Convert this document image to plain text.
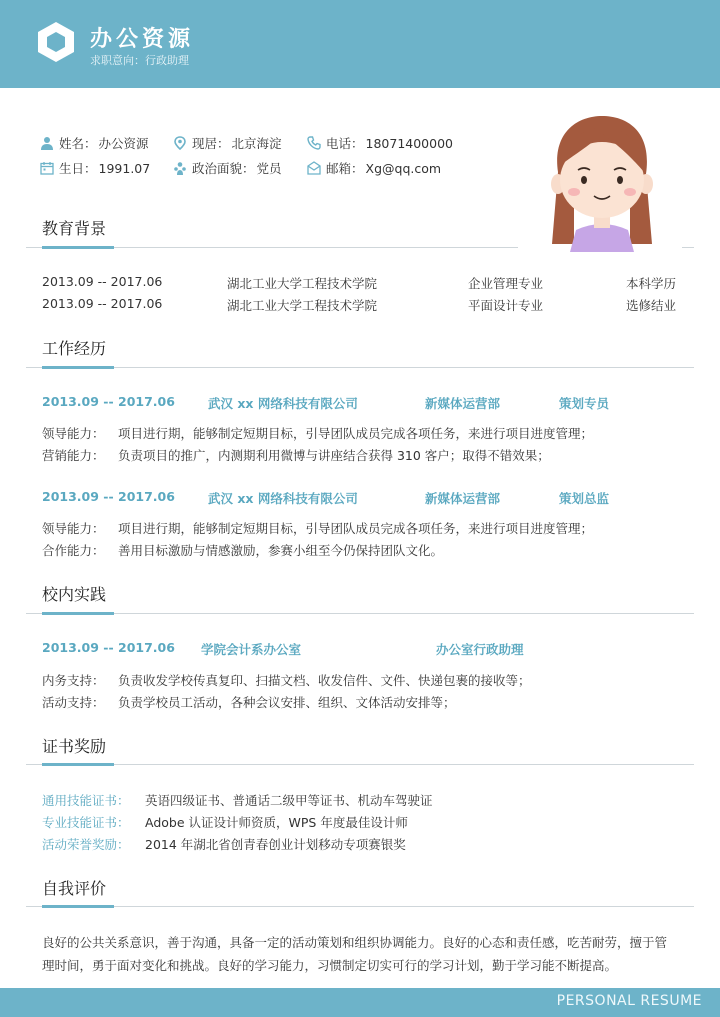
办公资源
求职意向：行政助理
姓名： 办公资源	现居： 北京海淀	电话： 18071400000
生日： 1991.07	政治面貌： 党员	邮箱： Xg@qq.com
教育背景
2013.09 -- 2017.06	湖北工业大学工程技术学院	企业管理专业	本科学历
2013.09 -- 2017.06	湖北工业大学工程技术学院	平面设计专业	选修结业
工作经历
2013.09 -- 2017.06	武汉 xx 网络科技有限公司	新媒体运营部	策划专员
领导能力： 项目进行期，能够制定短期目标，引导团队成员完成各项任务，来进行项目进度管理；
营销能力： 负责项目的推广，内测期利用微博与讲座结合获得 310 客户；取得不错效果；
2013.09 -- 2017.06	武汉 xx 网络科技有限公司	新媒体运营部	策划总监
领导能力： 项目进行期，能够制定短期目标，引导团队成员完成各项任务，来进行项目进度管理；
合作能力： 善用目标激励与情感激励，参赛小组至今仍保持团队文化。
校内实践
2013.09 -- 2017.06 学院会计系办公室	办公室行政助理
内务支持： 负责收发学校传真复印、扫描文档、收发信件、文件、快递包裹的接收等；
活动支持： 负责学校员工活动，各种会议安排、组织、文体活动安排等；
证书奖励
通用技能证书： 英语四级证书、普通话二级甲等证书、机动车驾驶证
专业技能证书： Adobe 认证设计师资质，WPS 年度最佳设计师
活动荣誉奖励： 2014 年湖北省创青春创业计划移动专项赛银奖
自我评价
良好的公共关系意识，善于沟通，具备一定的活动策划和组织协调能力。良好的心态和责任感，吃苦耐劳，擅于管
理时间，勇于面对变化和挑战。良好的学习能力，习惯制定切实可行的学习计划，勤于学习能不断提高。
PERSONAL RESUME
